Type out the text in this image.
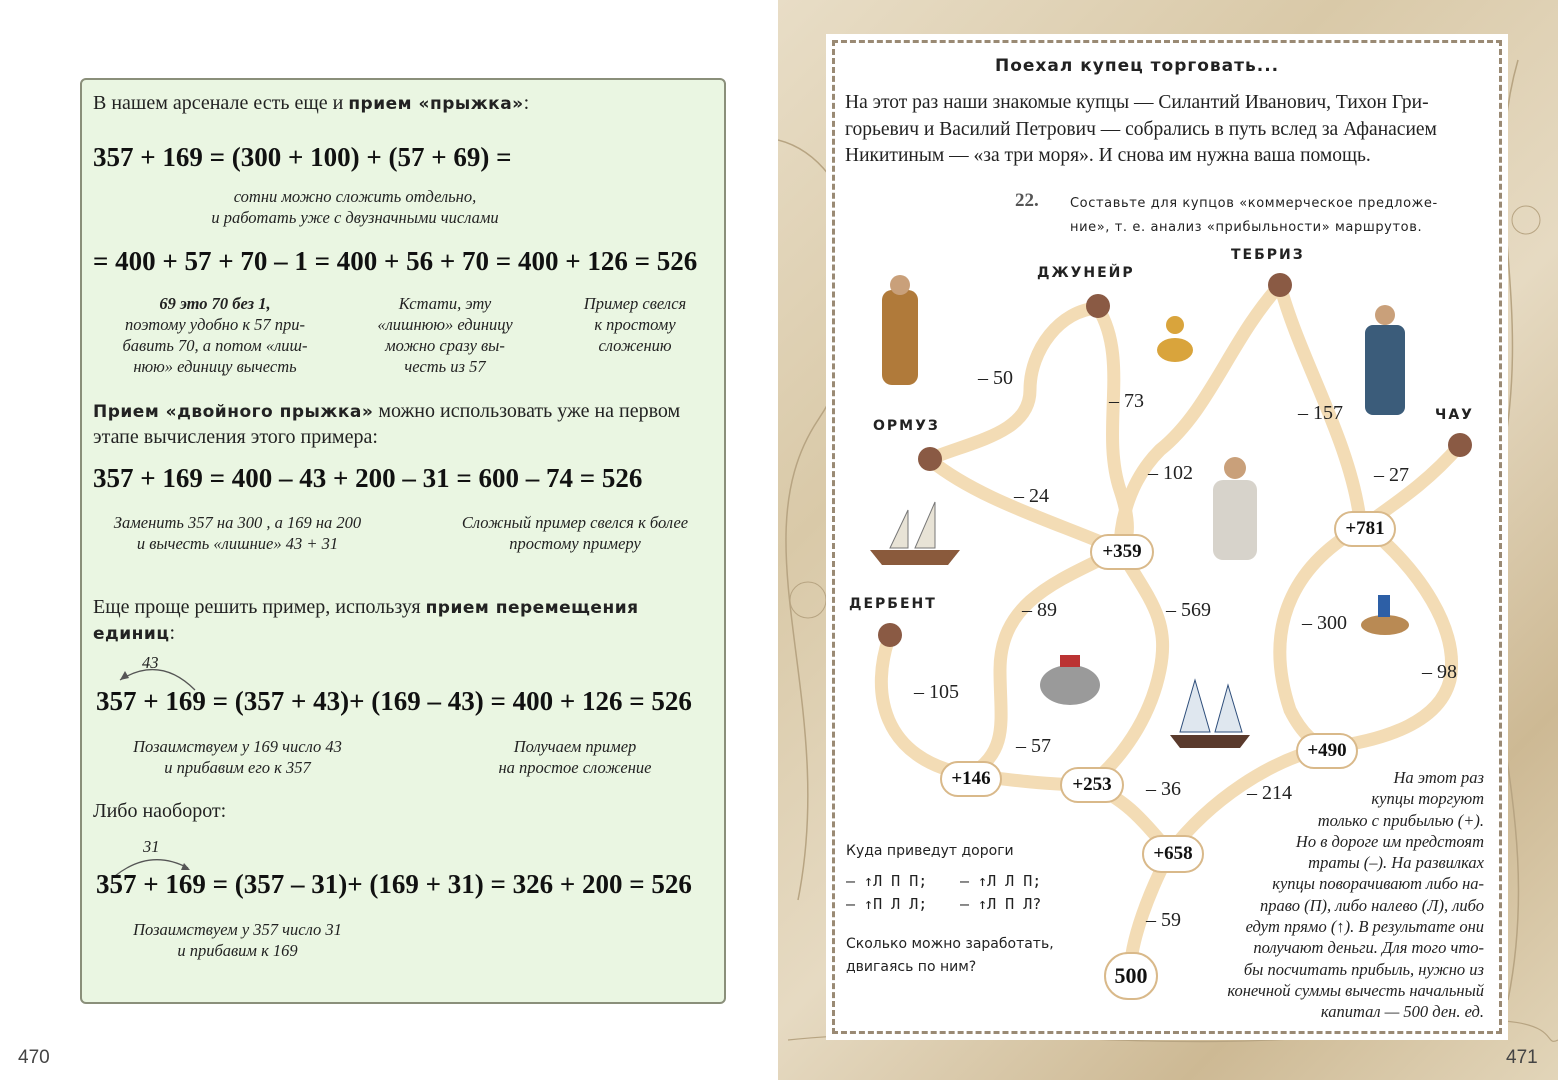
В нашем арсенале есть еще и прием «прыжка»:
357 + 169 = (300 + 100) + (57 + 69) =
сотни можно сложить отдельно,
и работать уже с двузначными числами
= 400 + 57 + 70 – 1 = 400 + 56 + 70 = 400 + 126 = 526
69 это 70 без 1,
поэтому удобно к 57 при-
бавить 70, а потом «лиш-
нюю» единицу вычесть
Кстати, эту
«лишнюю» единицу
можно сразу вы-
честь из 57
Пример свелся
к простому
сложению
Прием «двойного прыжка» можно использовать уже на первом
этапе вычисления этого примера:
357 + 169 = 400 – 43 + 200 – 31 = 600 – 74 = 526
Заменить 357 на 300 , а 169 на 200
и вычесть «лишние» 43 + 31
Сложный пример свелся к более
простому примеру
Еще проще решить пример, используя прием перемещения
единиц:
43
357 + 169 = (357 + 43)+ (169 – 43) = 400 + 126 = 526
Позаимствуем у 169 число 43
и прибавим его к 357
Получаем пример
на простое сложение
Либо наоборот:
31
357 + 169 = (357 – 31)+ (169 + 31) = 326 + 200 = 526
Позаимствуем у 357 число 31
и прибавим к 169
470
Поехал купец торговать...
На этот раз наши знакомые купцы — Силантий Иванович, Тихон Гри-
горьевич и Василий Петрович — собрались в путь вслед за Афанасием
Никитиным — «за три моря». И снова им нужна ваша помощь.
22. Составьте для купцов «коммерческое предложе-
ние», т. е. анализ «прибыльности» маршрутов.
ДЖУНЕЙР
ТЕБРИЗ
ОРМУЗ
ЧАУ
ДЕРБЕНТ
– 50
– 73
– 157
– 24
– 102	– 27
– 89	– 569
– 300
– 105
– 98
– 57
– 36	– 214
– 59
+359
+781
+146	+253
+490
+658
500
Куда приведут дороги
— ↑Л П П; — ↑Л Л П;
— ↑П Л Л; — ↑Л П Л?
Сколько можно заработать,
двигаясь по ним?
На этот раз
купцы торгуют
только с прибылью (+).
Но в дороге им предстоят
траты (–). На развилках
купцы поворачивают либо на-
право (П), либо налево (Л), либо
едут прямо (↑). В результате они
получают деньги. Для того что-
бы посчитать прибыль, нужно из
конечной суммы вычесть начальный
капитал — 500 ден. ед.
471
